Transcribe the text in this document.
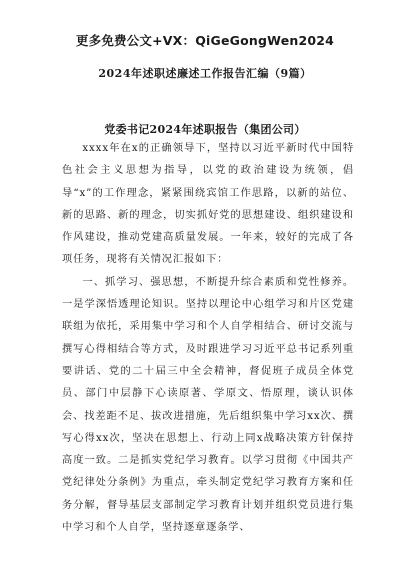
更多免费公文+VX：QiGeGongWen2024
2024年述职述廉述工作报告汇编（9篇）
党委书记2024年述职报告（集团公司）

xxxx年在x的正确领导下，坚持以习近平新时代中国特色社会主义思想为指导，以党的政治建设为统领，倡导“x”的工作理念，紧紧围绕宾馆工作思路，以新的站位、新的思路、新的理念，切实抓好党的思想建设、组织建设和作风建设，推动党建高质量发展。一年来，较好的完成了各项任务，现将有关情况汇报如下：

一、抓学习、强思想，不断提升综合素质和党性修养。一是学深悟透理论知识。坚持以理论中心组学习和片区党建联组为依托，采用集中学习和个人自学相结合、研讨交流与撰写心得相结合等方式，及时跟进学习习近平总书记系列重要讲话、党的二十届三中全会精神，督促班子成员全体党员、部门中层静下心读原著、学原文、悟原理，谈认识体会、找差距不足、拔改进措施，先后组织集中学习xx次、撰写心得xx次，坚决在思想上、行动上同x战略决策方针保持高度一致。二是抓实党纪学习教育。以学习贯彻《中国共产党纪律处分条例》为重点，牵头制定党纪学习教育方案和任务分解，督导基层支部制定学习教育计划并组织党员进行集中学习和个人自学，坚持逐章逐条学、
